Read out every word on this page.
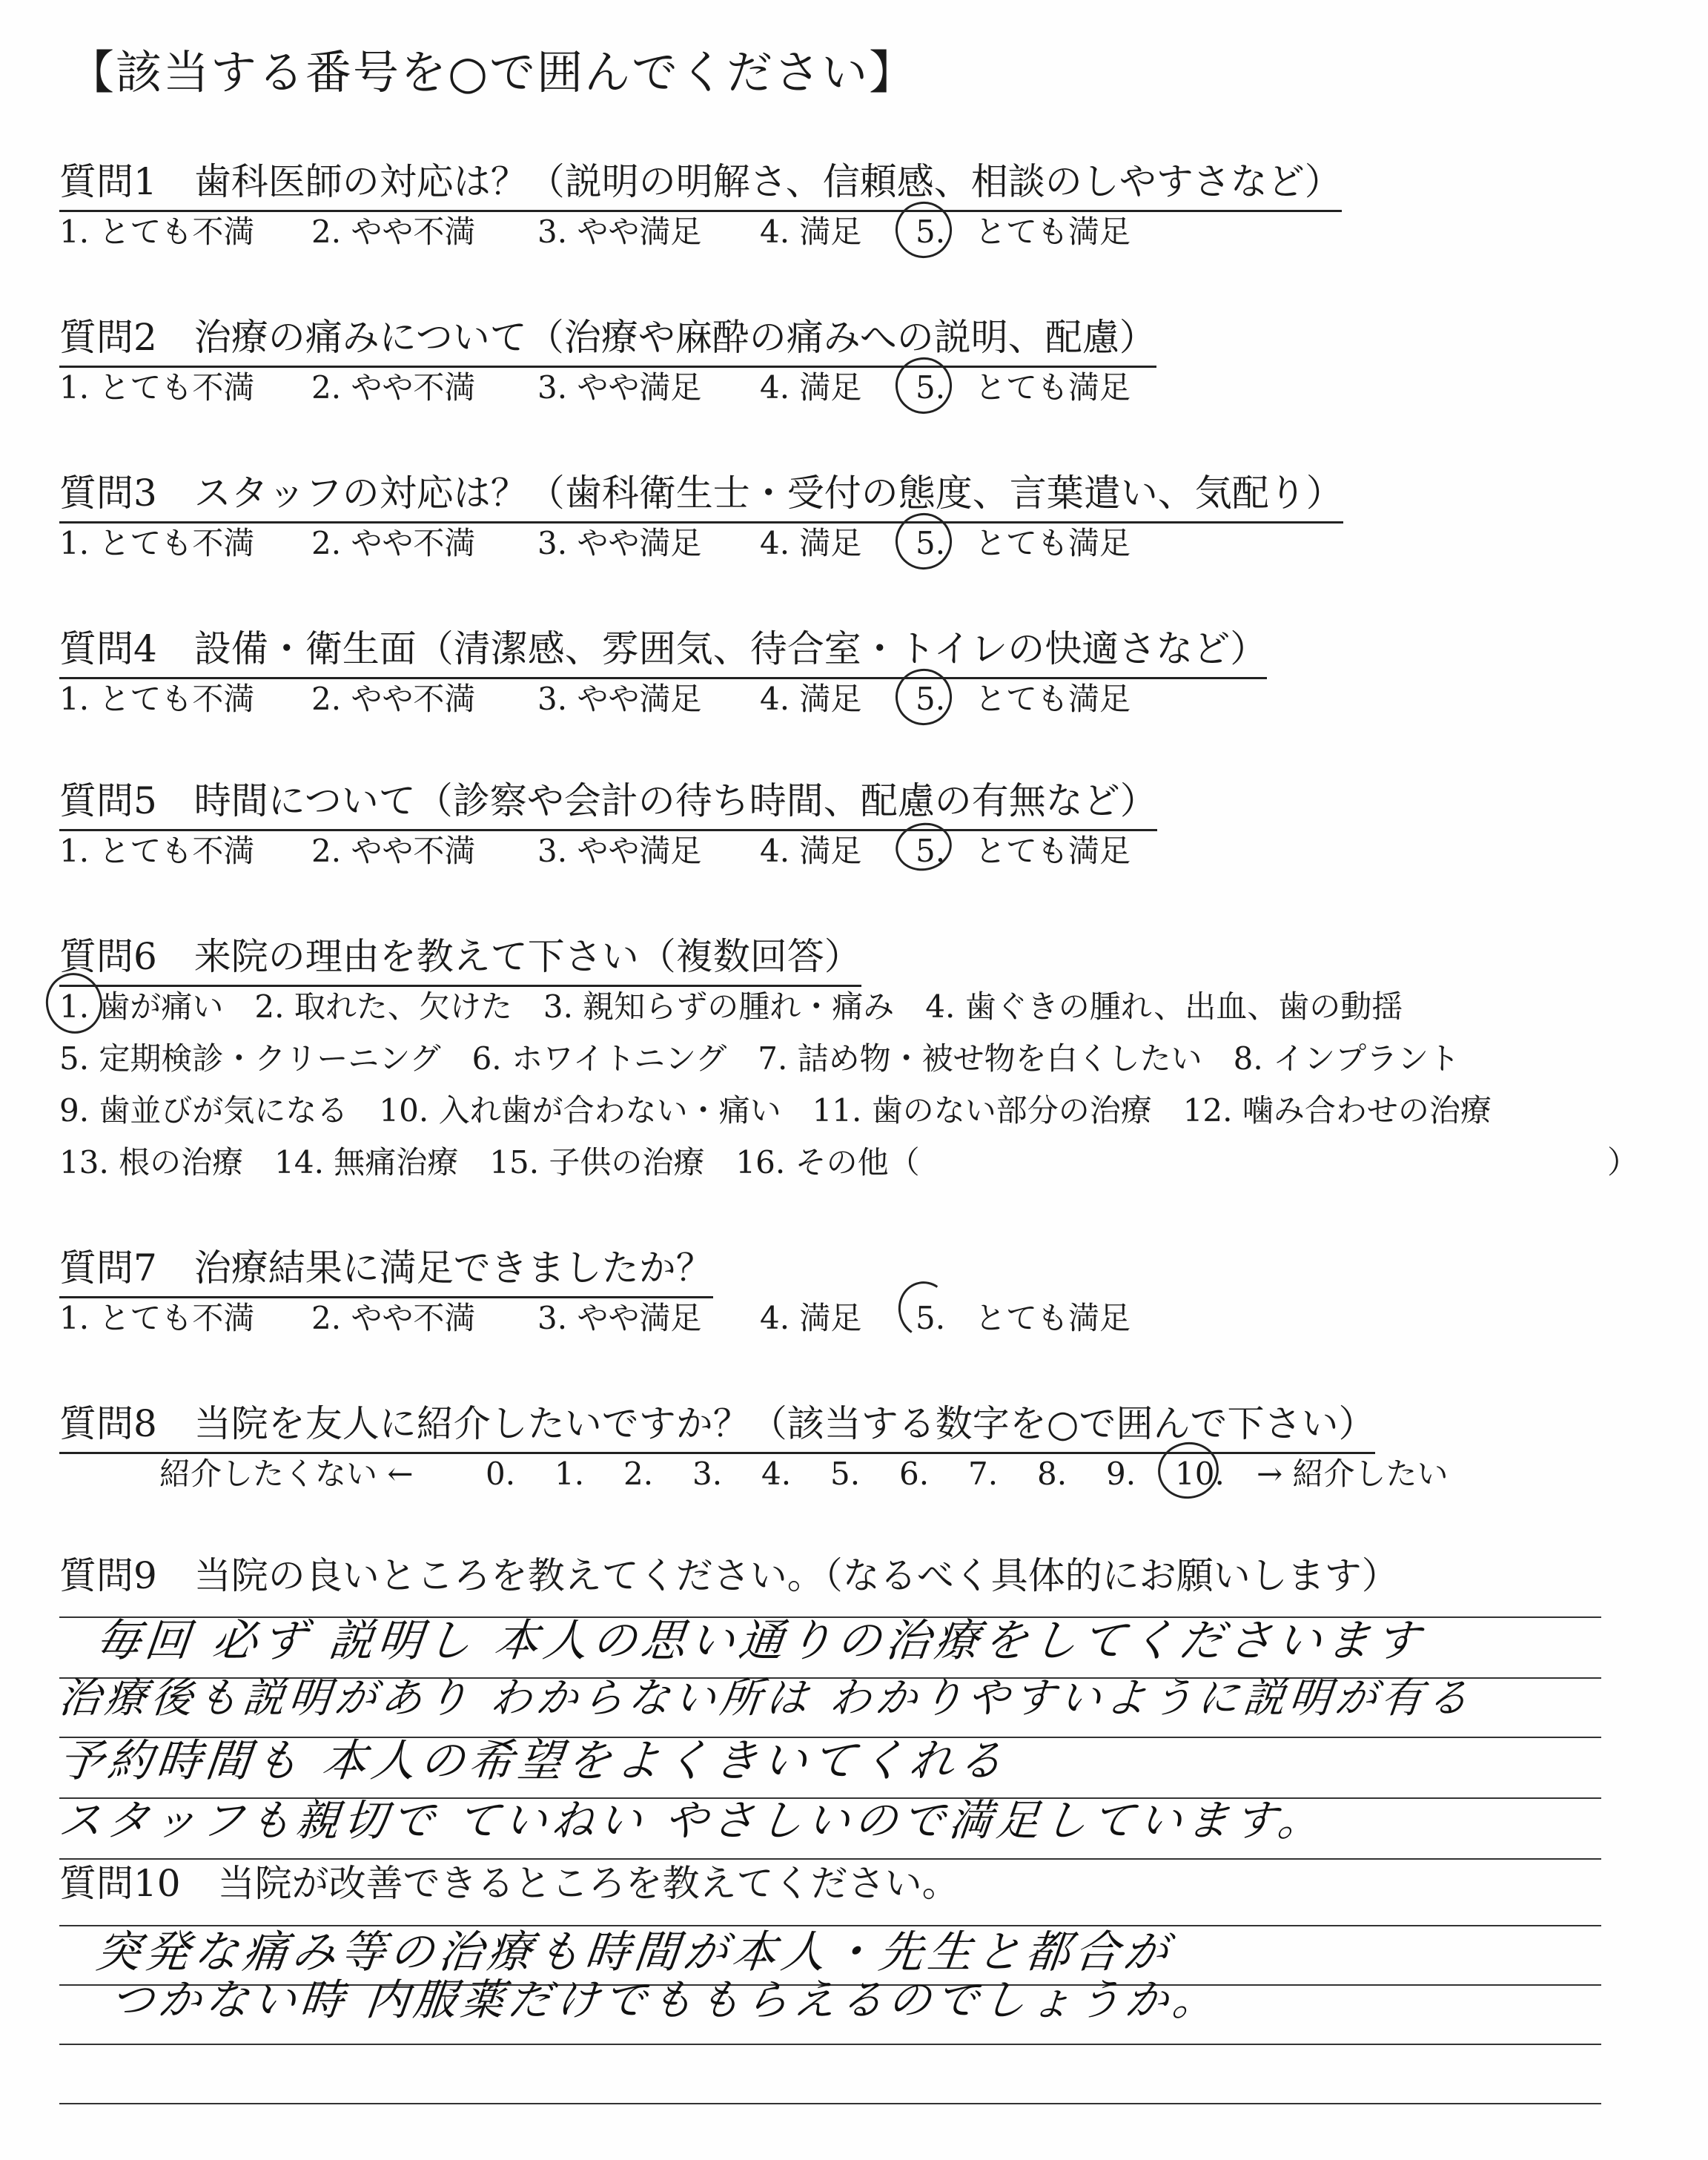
【該当する番号を○で囲んでください】
質問1　歯科医師の対応は？（説明の明解さ、信頼感、相談のしやすさなど）
1. とても不満 2. やや不満 3. やや満足 4. 満足 5. とても満足
質問2　治療の痛みについて（治療や麻酔の痛みへの説明、配慮）
1. とても不満 2. やや不満 3. やや満足 4. 満足 5. とても満足
質問3　スタッフの対応は？（歯科衛生士・受付の態度、言葉遣い、気配り）
1. とても不満 2. やや不満 3. やや満足 4. 満足 5. とても満足
質問4　設備・衛生面（清潔感、雰囲気、待合室・トイレの快適さなど）
1. とても不満 2. やや不満 3. やや満足 4. 満足 5. とても満足
質問5　時間について（診察や会計の待ち時間、配慮の有無など）
1. とても不満 2. やや不満 3. やや満足 4. 満足 5. とても満足
質問6　来院の理由を教えて下さい（複数回答）
1. 歯が痛い　2. 取れた、欠けた　3. 親知らずの腫れ・痛み　4. 歯ぐきの腫れ、出血、歯の動揺
5. 定期検診・クリーニング　6. ホワイトニング　7. 詰め物・被せ物を白くしたい　8. インプラント
9. 歯並びが気になる　10. 入れ歯が合わない・痛い　11. 歯のない部分の治療　12. 噛み合わせの治療
13. 根の治療　14. 無痛治療　15. 子供の治療　16. その他（	）
質問7　治療結果に満足できましたか？
1. とても不満 2. やや不満 3. やや満足 4. 満足 5. とても満足
質問8　当院を友人に紹介したいですか？（該当する数字を○で囲んで下さい）
紹介したくない ← 0. 1. 2. 3. 4. 5. 6. 7. 8. 9. 10. → 紹介したい
質問9　当院の良いところを教えてください。（なるべく具体的にお願いします）
毎回 必ず 説明し 本人の思い通りの治療をしてくださいます
治療後も説明があり わからない所は わかりやすいように説明が有る
予約時間も 本人の希望をよくきいてくれる
スタッフも親切で ていねい やさしいので満足しています。
質問10　当院が改善できるところを教えてください。
突発な痛み等の治療も時間が本人・先生と都合が
つかない時 内服薬だけでももらえるのでしょうか。
